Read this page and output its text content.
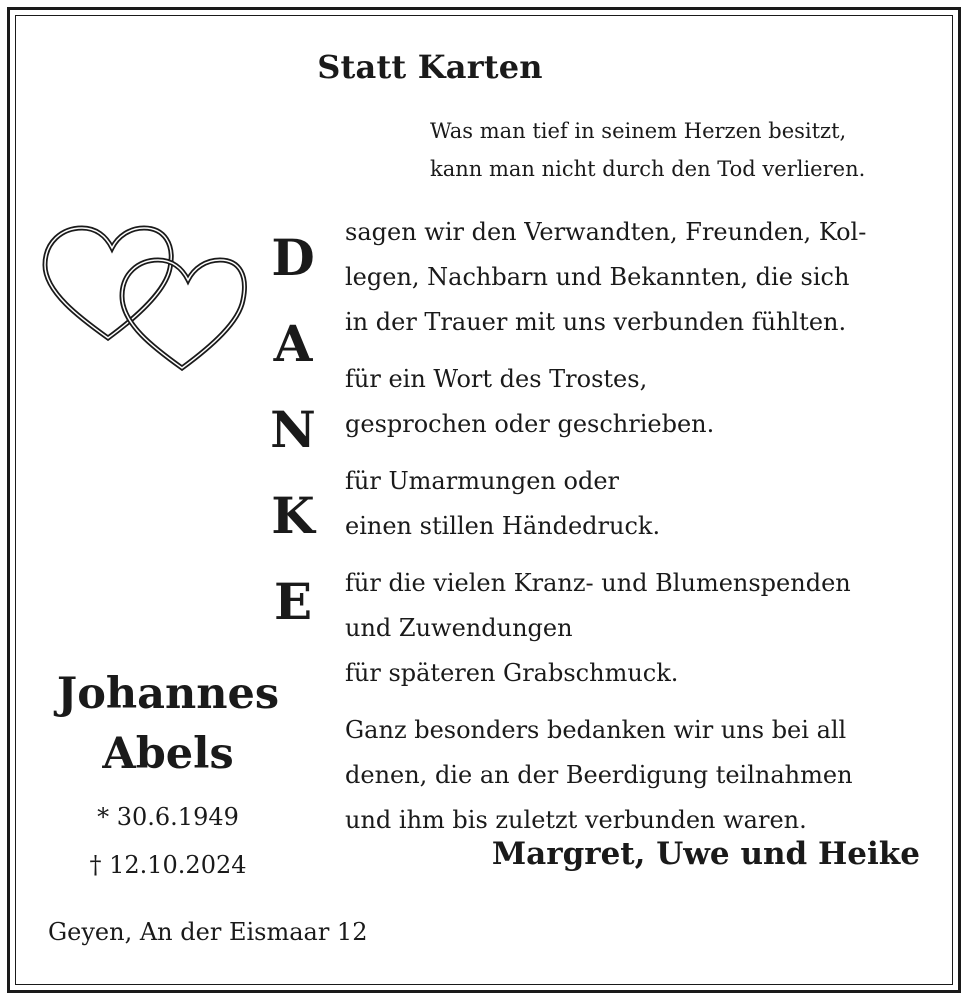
Statt Karten
Was man tief in seinem Herzen besitzt,
kann man nicht durch den Tod verlieren.
D
A
N
K
E
sagen wir den Verwandten, Freunden, Kol-
legen, Nachbarn und Bekannten, die sich
in der Trauer mit uns verbunden fühlten.
für ein Wort des Trostes,
gesprochen oder geschrieben.
für Umarmungen oder
einen stillen Händedruck.
für die vielen Kranz- und Blumenspenden
und Zuwendungen
für späteren Grabschmuck.
Ganz besonders bedanken wir uns bei all
denen, die an der Beerdigung teilnahmen
und ihm bis zuletzt verbunden waren.
Johannes
Abels
* 30.6.1949
† 12.10.2024	Margret, Uwe und Heike
Geyen, An der Eismaar 12
